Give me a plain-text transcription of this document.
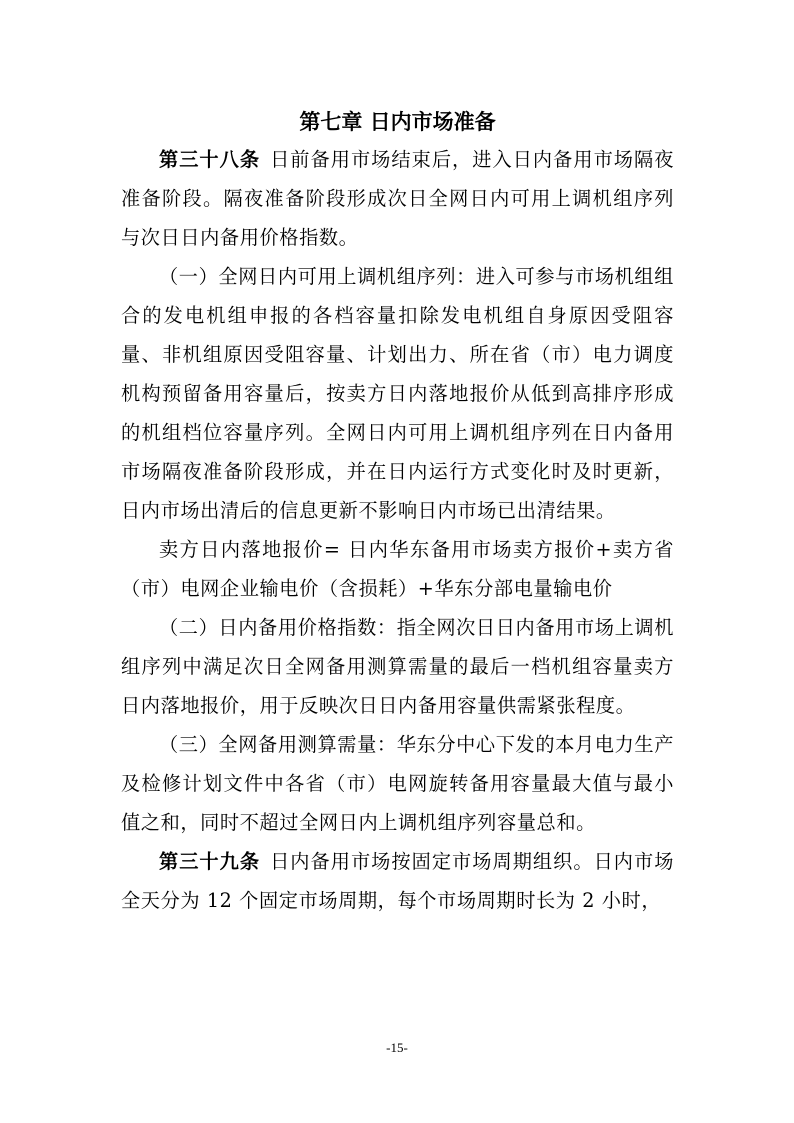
第七章 日内市场准备

第三十八条 日前备用市场结束后，进入日内备用市场隔夜准备阶段。隔夜准备阶段形成次日全网日内可用上调机组序列与次日日内备用价格指数。

（一）全网日内可用上调机组序列：进入可参与市场机组组合的发电机组申报的各档容量扣除发电机组自身原因受阻容量、非机组原因受阻容量、计划出力、所在省（市）电力调度机构预留备用容量后，按卖方日内落地报价从低到高排序形成的机组档位容量序列。全网日内可用上调机组序列在日内备用市场隔夜准备阶段形成，并在日内运行方式变化时及时更新，日内市场出清后的信息更新不影响日内市场已出清结果。

卖方日内落地报价= 日内华东备用市场卖方报价+卖方省（市）电网企业输电价（含损耗）+华东分部电量输电价

（二）日内备用价格指数：指全网次日日内备用市场上调机组序列中满足次日全网备用测算需量的最后一档机组容量卖方日内落地报价，用于反映次日日内备用容量供需紧张程度。

（三）全网备用测算需量：华东分中心下发的本月电力生产及检修计划文件中各省（市）电网旋转备用容量最大值与最小值之和，同时不超过全网日内上调机组序列容量总和。

第三十九条 日内备用市场按固定市场周期组织。日内市场全天分为 12 个固定市场周期，每个市场周期时长为 2 小时，

-15-
